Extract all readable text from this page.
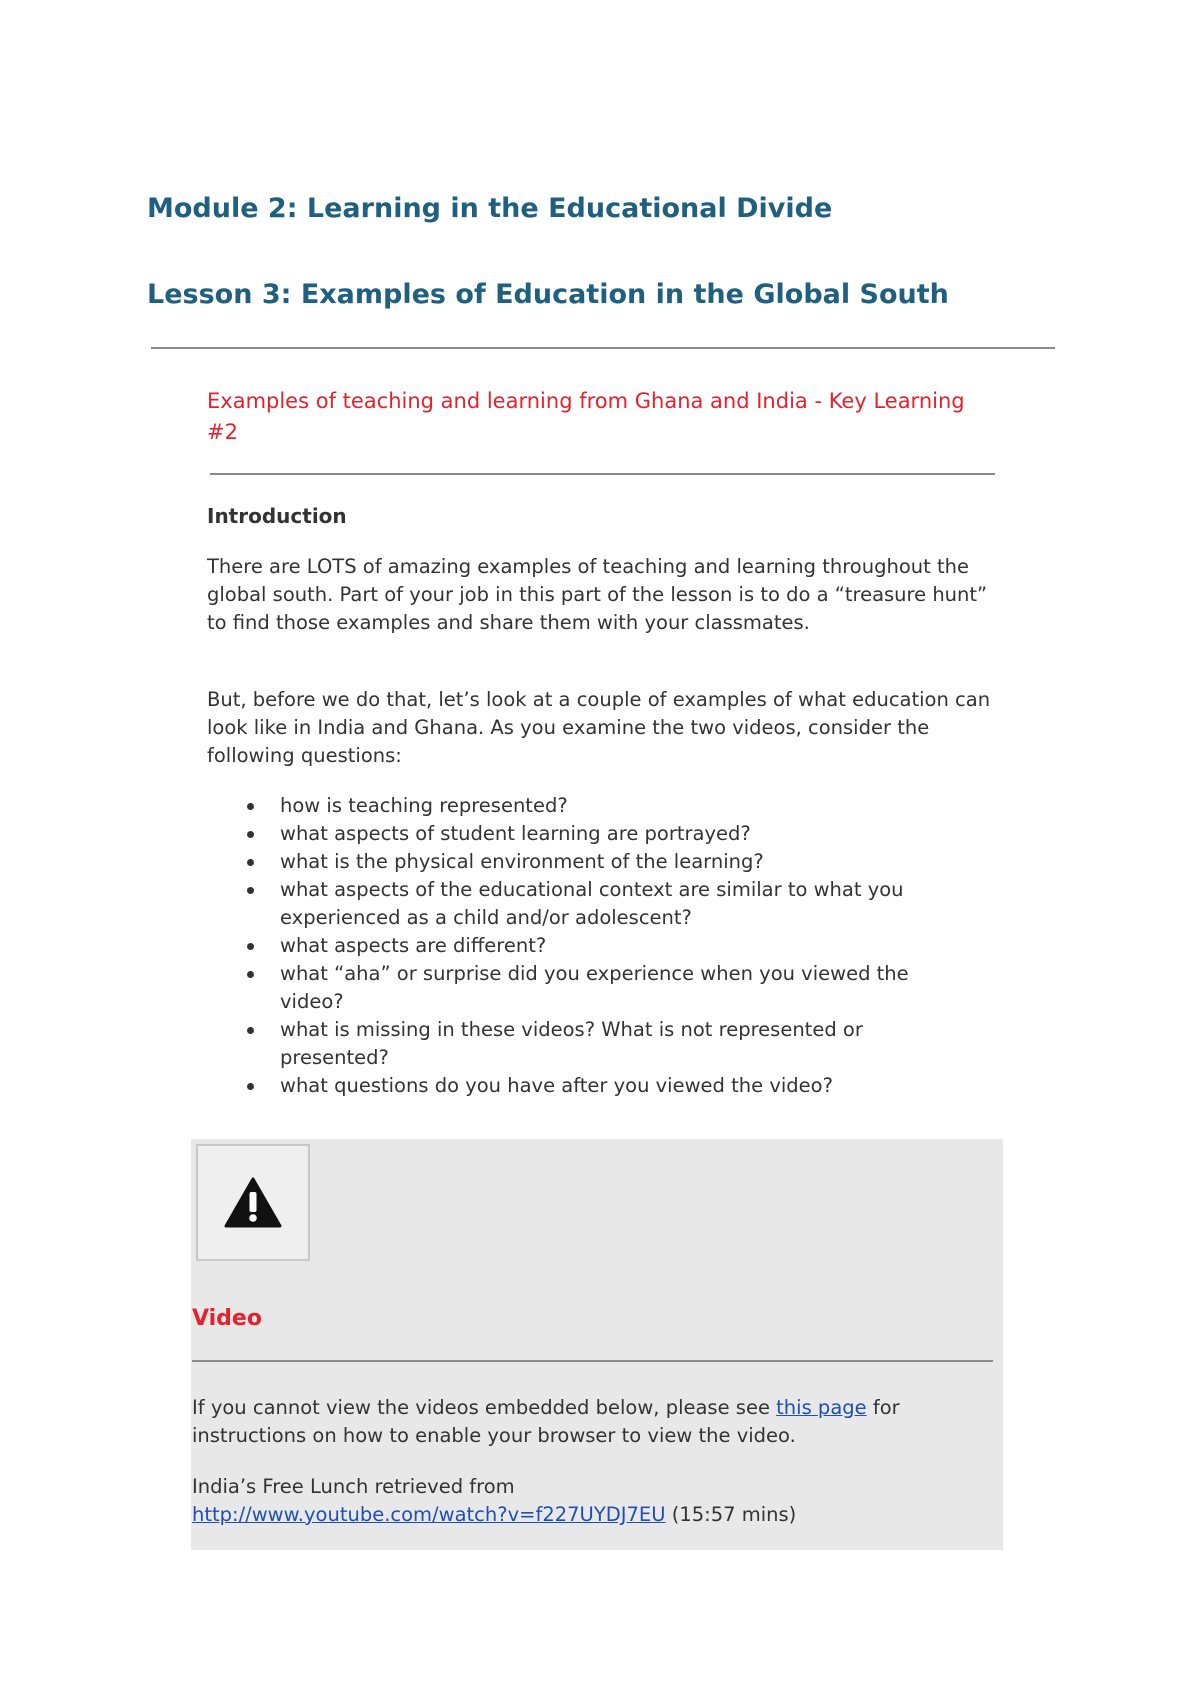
Module 2: Learning in the Educational Divide
Lesson 3: Examples of Education in the Global South
Examples of teaching and learning from Ghana and India - Key Learning #2
Introduction

There are LOTS of amazing examples of teaching and learning throughout the global south. Part of your job in this part of the lesson is to do a “treasure hunt” to find those examples and share them with your classmates.

But, before we do that, let’s look at a couple of examples of what education can look like in India and Ghana. As you examine the two videos, consider the following questions:

how is teaching represented?
what aspects of student learning are portrayed?
what is the physical environment of the learning?
what aspects of the educational context are similar to what you experienced as a child and/or adolescent?
what aspects are different?
what “aha” or surprise did you experience when you viewed the video?
what is missing in these videos? What is not represented or presented?
what questions do you have after you viewed the video?
Video

If you cannot view the videos embedded below, please see this page for instructions on how to enable your browser to view the video.

India’s Free Lunch retrieved from
http://www.youtube.com/watch?v=f227UYDJ7EU (15:57 mins)
